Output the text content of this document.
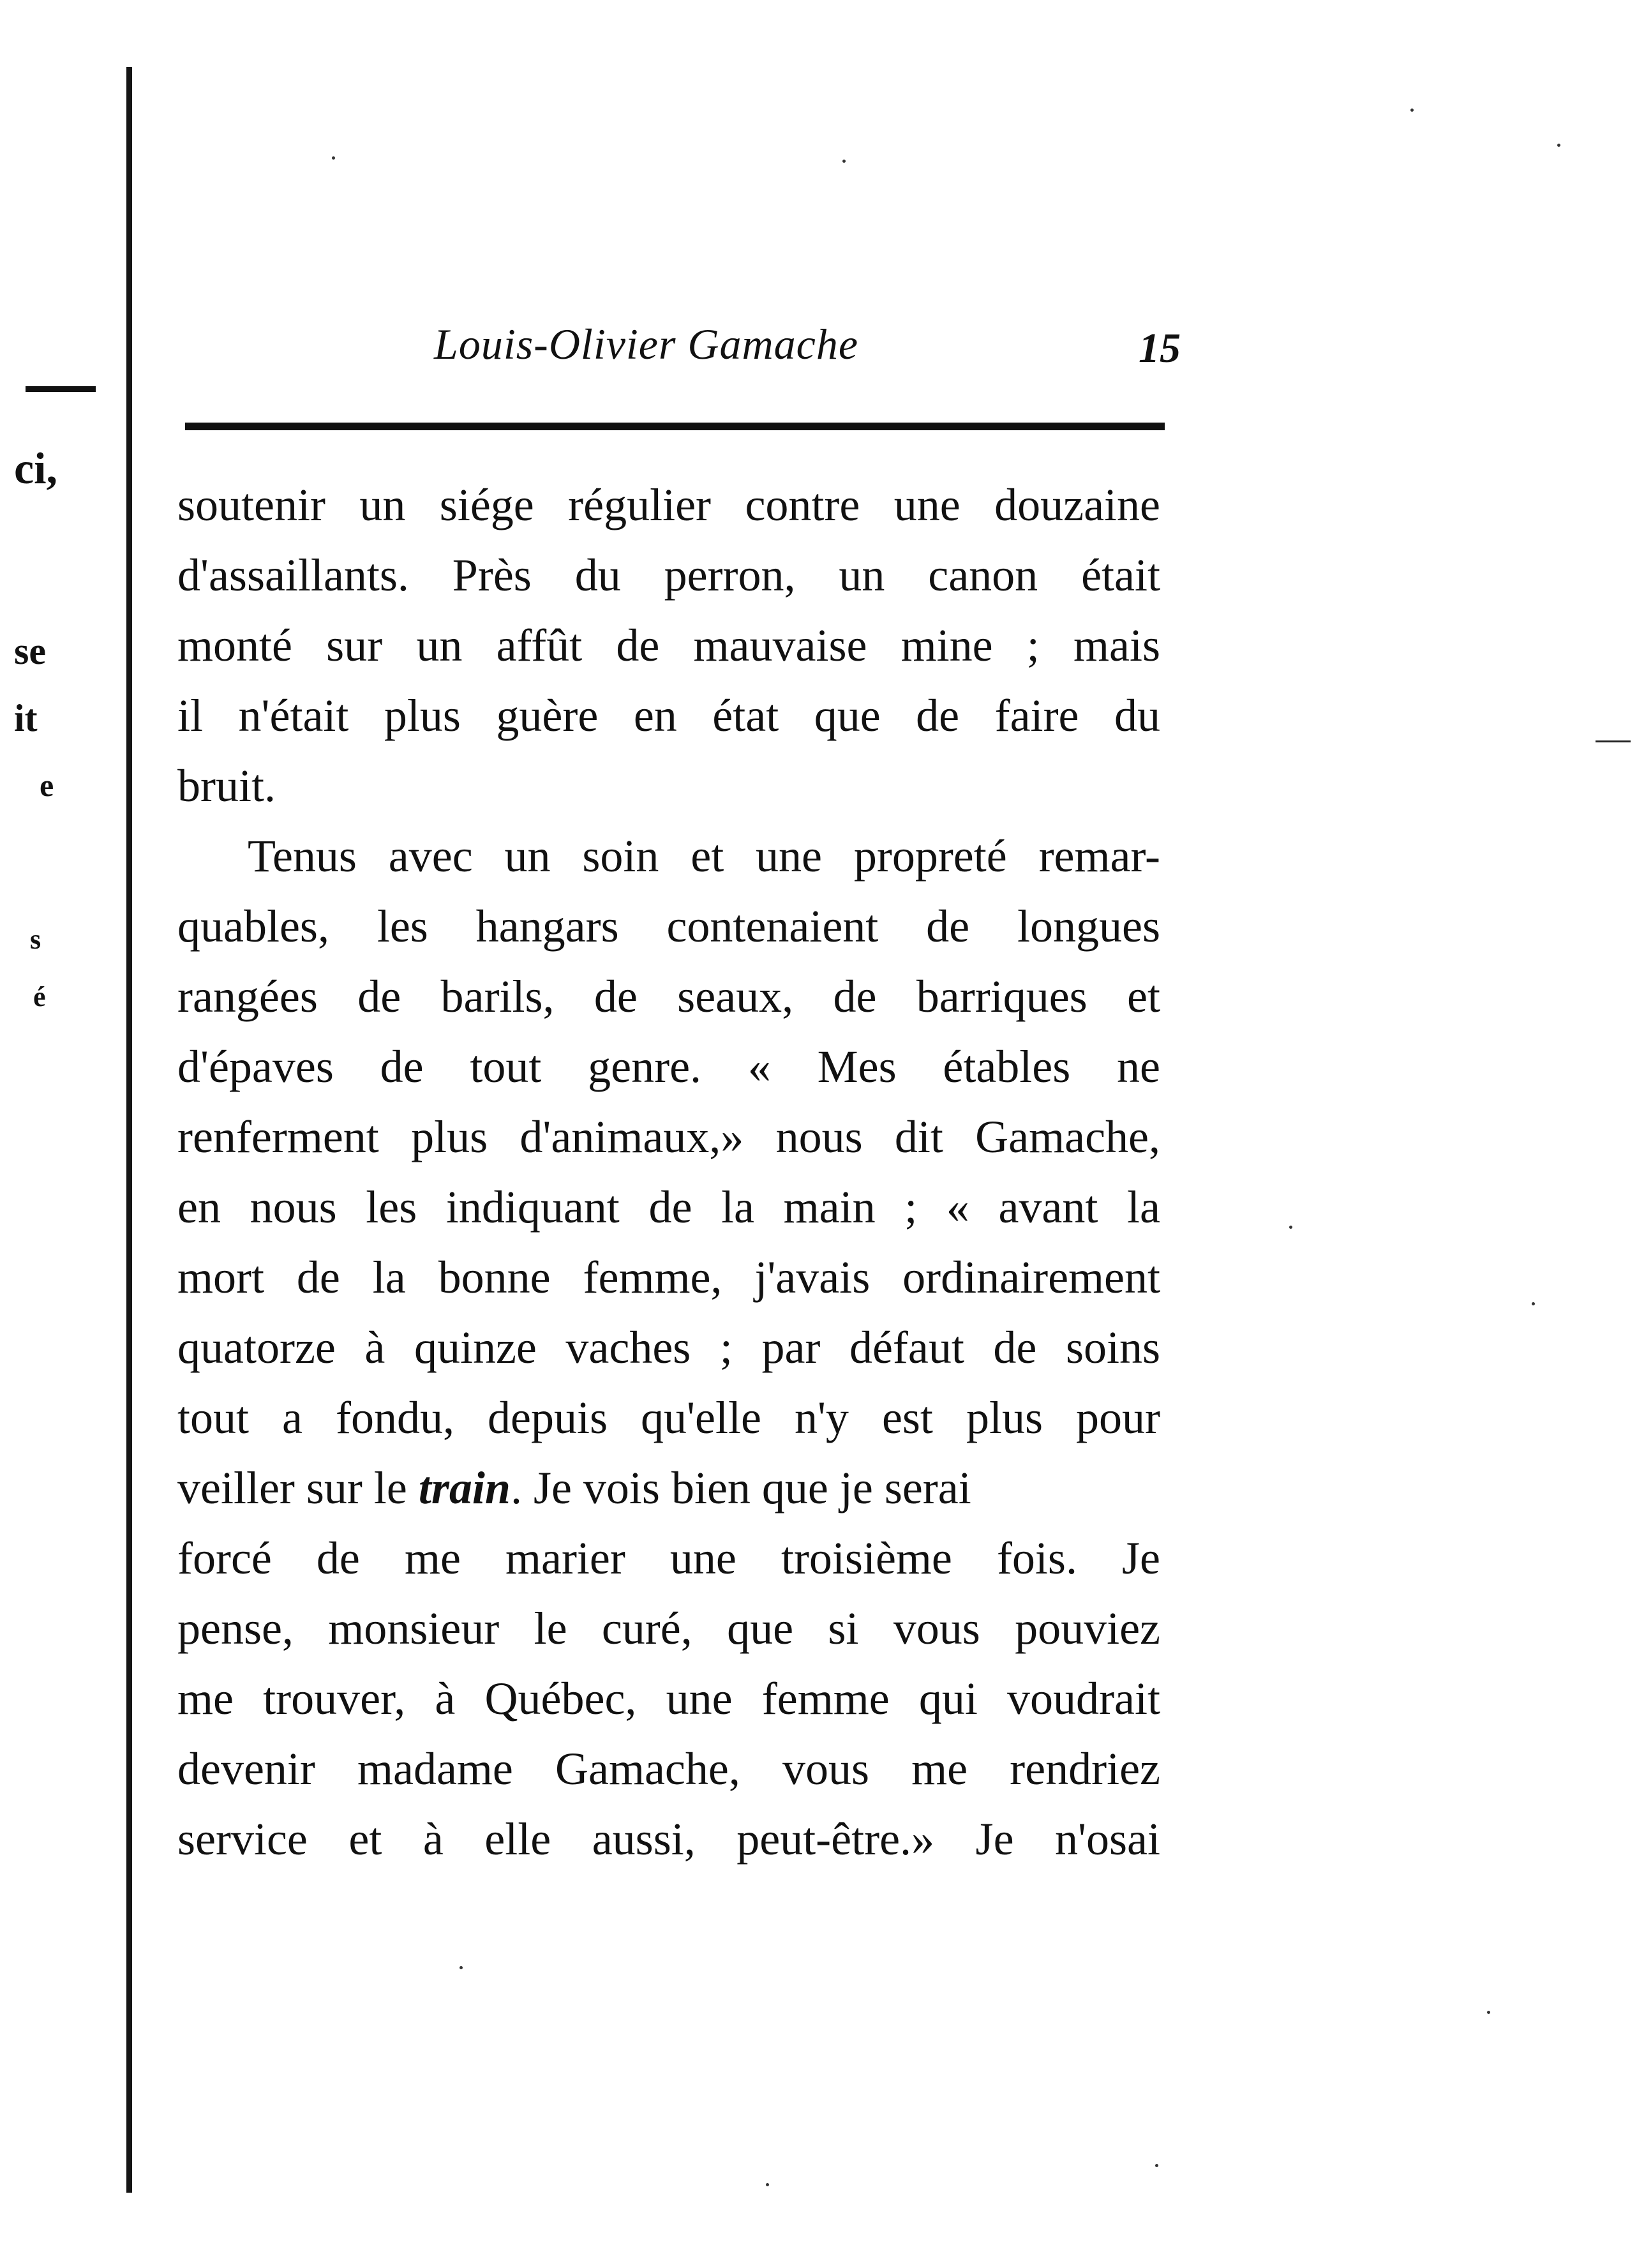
ci,
se
it
e
s
é
Louis-Olivier Gamache	15
soutenir un siége régulier contre une douzaine
d'assaillants. Près du perron, un canon était
monté sur un affût de mauvaise mine ; mais
il n'était plus guère en état que de faire du
bruit.
Tenus avec un soin et une propreté remar-
quables, les hangars contenaient de longues
rangées de barils, de seaux, de barriques et
d'épaves de tout genre. « Mes étables ne
renferment plus d'animaux,» nous dit Gamache,
en nous les indiquant de la main ; « avant la
mort de la bonne femme, j'avais ordinairement
quatorze à quinze vaches ; par défaut de soins
tout a fondu, depuis qu'elle n'y est plus pour
veiller sur le train. Je vois bien que je serai
forcé de me marier une troisième fois. Je
pense, monsieur le curé, que si vous pouviez
me trouver, à Québec, une femme qui voudrait
devenir madame Gamache, vous me rendriez
service et à elle aussi, peut-être.» Je n'osai
